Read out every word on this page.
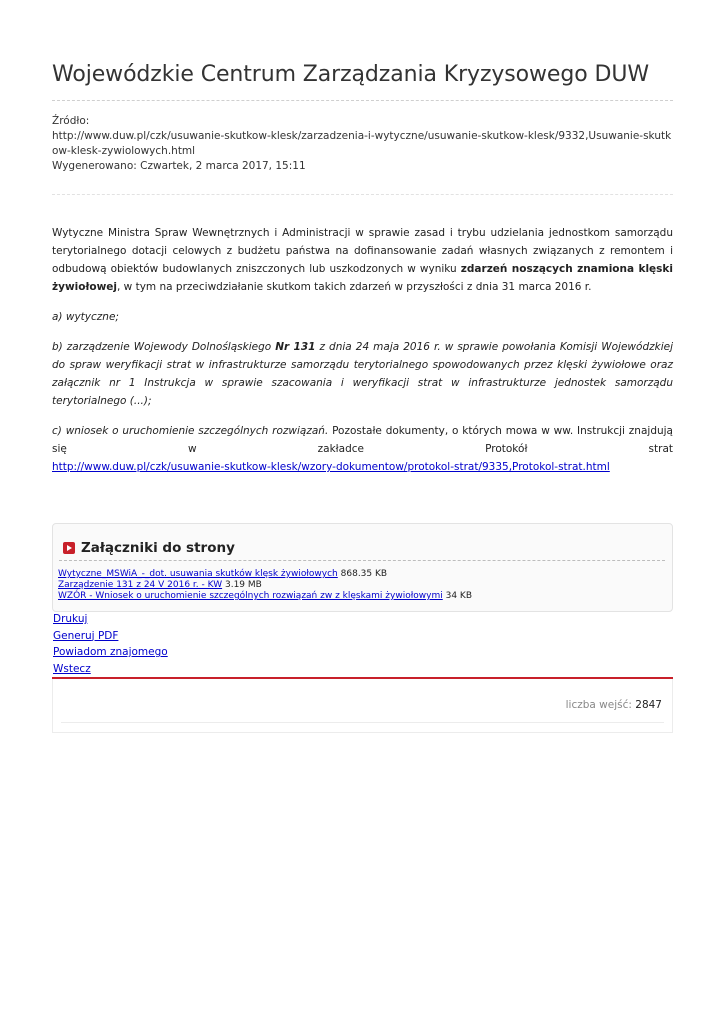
Wojewódzkie Centrum Zarządzania Kryzysowego DUW
Źródło:
http://www.duw.pl/czk/usuwanie-skutkow-klesk/zarzadzenia-i-wytyczne/usuwanie-skutkow-klesk/9332,Usuwanie-skutkow-klesk-zywiolowych.html
Wygenerowano: Czwartek, 2 marca 2017, 15:11

Wytyczne Ministra Spraw Wewnętrznych i Administracji w sprawie zasad i trybu udzielania jednostkom samorządu terytorialnego dotacji celowych z budżetu państwa na dofinansowanie zadań własnych związanych z remontem i odbudową obiektów budowlanych zniszczonych lub uszkodzonych w wyniku zdarzeń noszących znamiona klęski żywiołowej, w tym na przeciwdziałanie skutkom takich zdarzeń w przyszłości z dnia 31 marca 2016 r.

a) wytyczne;

b) zarządzenie Wojewody Dolnośląskiego Nr 131 z dnia 24 maja 2016 r. w sprawie powołania Komisji Wojewódzkiej do spraw weryfikacji strat w infrastrukturze samorządu terytorialnego spowodowanych przez klęski żywiołowe oraz załącznik nr 1 Instrukcja w sprawie szacowania i weryfikacji strat w infrastrukturze jednostek samorządu terytorialnego (...);

c) wniosek o uruchomienie szczególnych rozwiązań. Pozostałe dokumenty, o których mowa w ww. Instrukcji znajdują się w zakładce Protokół strat
http://www.duw.pl/czk/usuwanie-skutkow-klesk/wzory-dokumentow/protokol-strat/9335,Protokol-strat.html

Załączniki do strony
Wytyczne_MSWiA_-_dot. usuwania skutków klęsk żywiołowych 868.35 KB
Zarządzenie 131 z 24 V 2016 r. - KW 3.19 MB
WZÓR - Wniosek o uruchomienie szczególnych rozwiązań zw z klęskami żywiołowymi 34 KB
Drukuj
Generuj PDF
Powiadom znajomego
Wstecz
liczba wejść: 2847
